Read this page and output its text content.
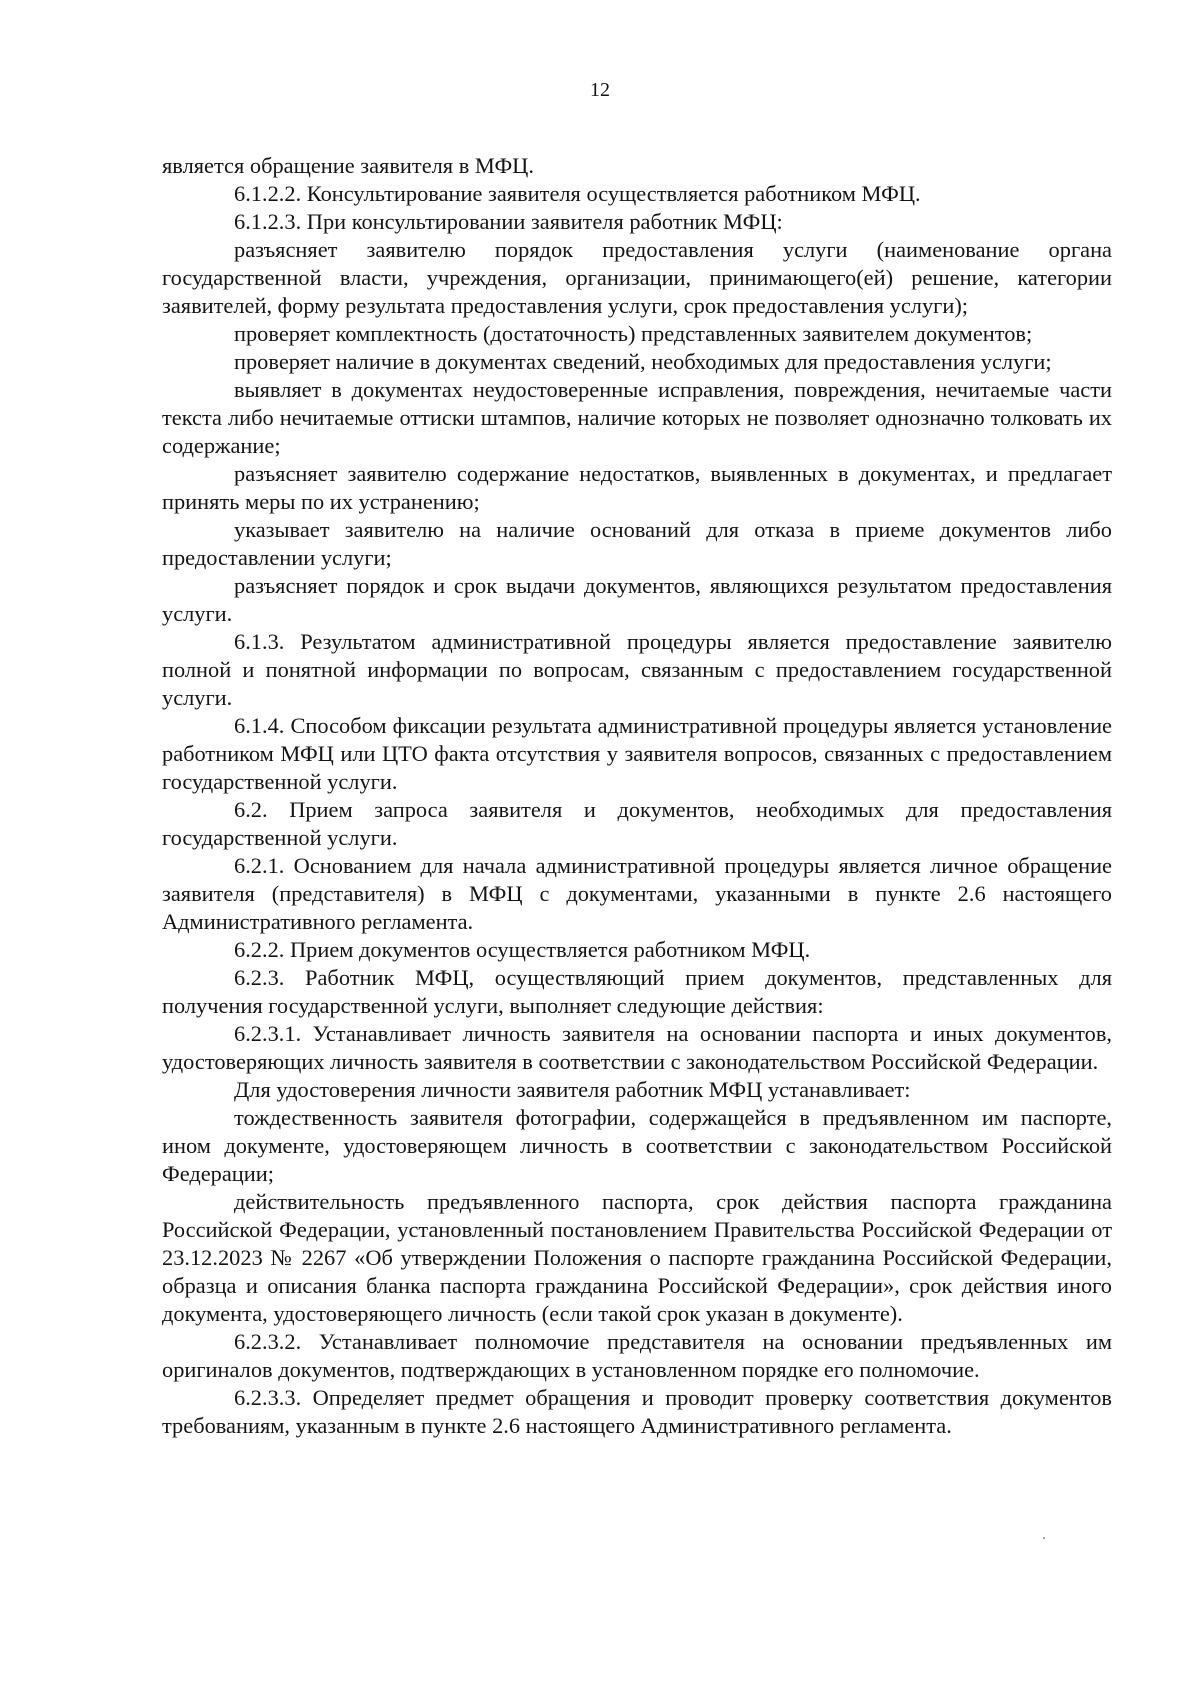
12

является обращение заявителя в МФЦ.

6.1.2.2. Консультирование заявителя осуществляется работником МФЦ.

6.1.2.3. При консультировании заявителя работник МФЦ:

разъясняет заявителю порядок предоставления услуги (наименование органа государственной власти, учреждения, организации, принимающего(ей) решение, категории заявителей, форму результата предоставления услуги, срок предоставления услуги);

проверяет комплектность (достаточность) представленных заявителем документов;

проверяет наличие в документах сведений, необходимых для предоставления услуги;

выявляет в документах неудостоверенные исправления, повреждения, нечитаемые части текста либо нечитаемые оттиски штампов, наличие которых не позволяет однозначно толковать их содержание;

разъясняет заявителю содержание недостатков, выявленных в документах, и предлагает принять меры по их устранению;

указывает заявителю на наличие оснований для отказа в приеме документов либо предоставлении услуги;

разъясняет порядок и срок выдачи документов, являющихся результатом предоставления услуги.

6.1.3. Результатом административной процедуры является предоставление заявителю полной и понятной информации по вопросам, связанным с предоставлением государственной услуги.

6.1.4. Способом фиксации результата административной процедуры является установление работником МФЦ или ЦТО факта отсутствия у заявителя вопросов, связанных с предоставлением государственной услуги.

6.2. Прием запроса заявителя и документов, необходимых для предоставления государственной услуги.

6.2.1. Основанием для начала административной процедуры является личное обращение заявителя (представителя) в МФЦ с документами, указанными в пункте 2.6 настоящего Административного регламента.

6.2.2. Прием документов осуществляется работником МФЦ.

6.2.3. Работник МФЦ, осуществляющий прием документов, представленных для получения государственной услуги, выполняет следующие действия:

6.2.3.1. Устанавливает личность заявителя на основании паспорта и иных документов, удостоверяющих личность заявителя в соответствии с законодательством Российской Федерации.

Для удостоверения личности заявителя работник МФЦ устанавливает:

тождественность заявителя фотографии, содержащейся в предъявленном им паспорте, ином документе, удостоверяющем личность в соответствии с законодательством Российской Федерации;

действительность предъявленного паспорта, срок действия паспорта гражданина Российской Федерации, установленный постановлением Правительства Российской Федерации от 23.12.2023 № 2267 «Об утверждении Положения о паспорте гражданина Российской Федерации, образца и описания бланка паспорта гражданина Российской Федерации», срок действия иного документа, удостоверяющего личность (если такой срок указан в документе).

6.2.3.2. Устанавливает полномочие представителя на основании предъявленных им оригиналов документов, подтверждающих в установленном порядке его полномочие.

6.2.3.3. Определяет предмет обращения и проводит проверку соответствия документов требованиям, указанным в пункте 2.6 настоящего Административного регламента.
